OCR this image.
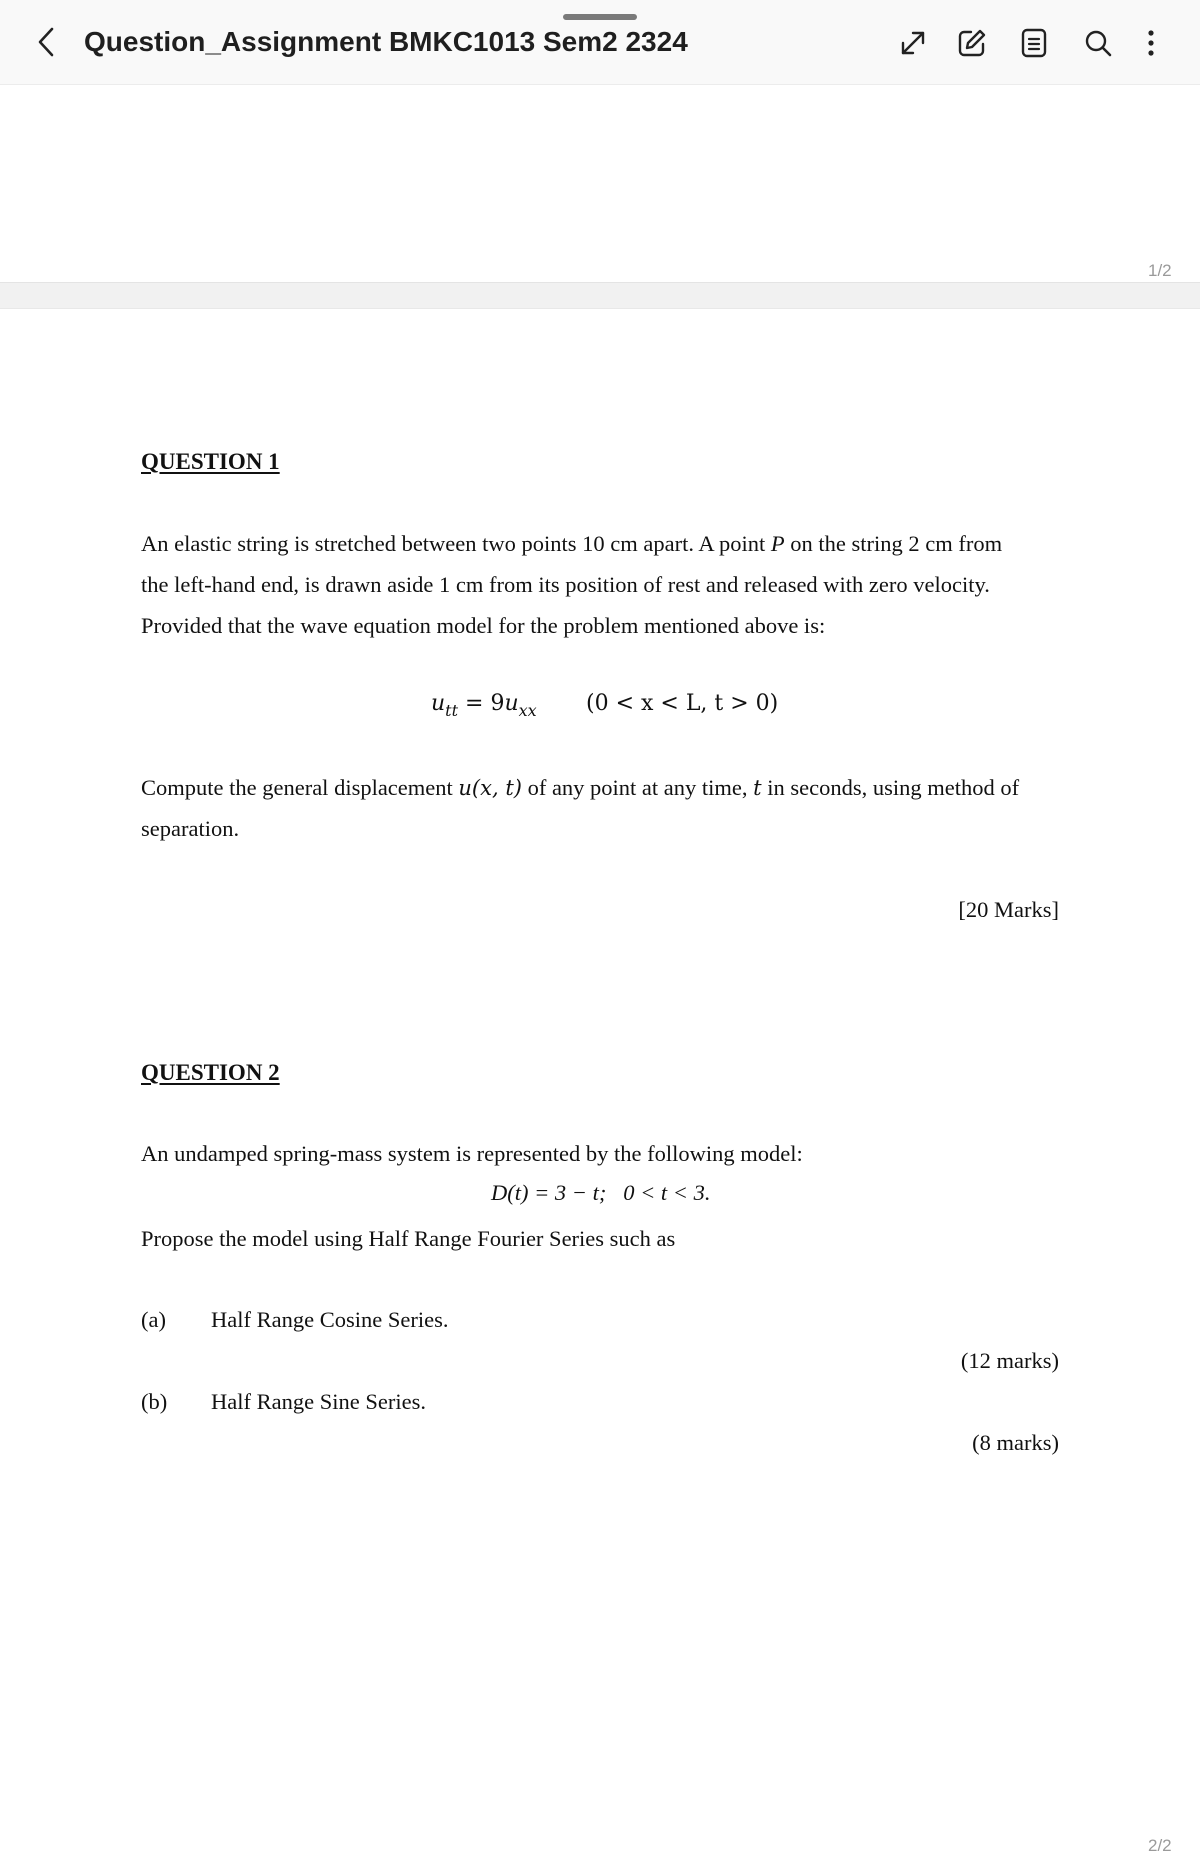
Question_Assignment BMKC1013 Sem2 2324
1/2
QUESTION 1
An elastic string is stretched between two points 10 cm apart. A point P on the string 2 cm from
the left-hand end, is drawn aside 1 cm from its position of rest and released with zero velocity.
Provided that the wave equation model for the problem mentioned above is:
$u_{tt} = 9u_{xx}$ (0 < x < L, t > 0)
Compute the general displacement u(x, t) of any point at any time, t in seconds, using method of
separation.
[20 Marks]
QUESTION 2
An undamped spring-mass system is represented by the following model:
D(t) = 3 − t; 0 < t < 3.
Propose the model using Half Range Fourier Series such as
(a) Half Range Cosine Series.
(12 marks)
(b) Half Range Sine Series.
(8 marks)
2/2
